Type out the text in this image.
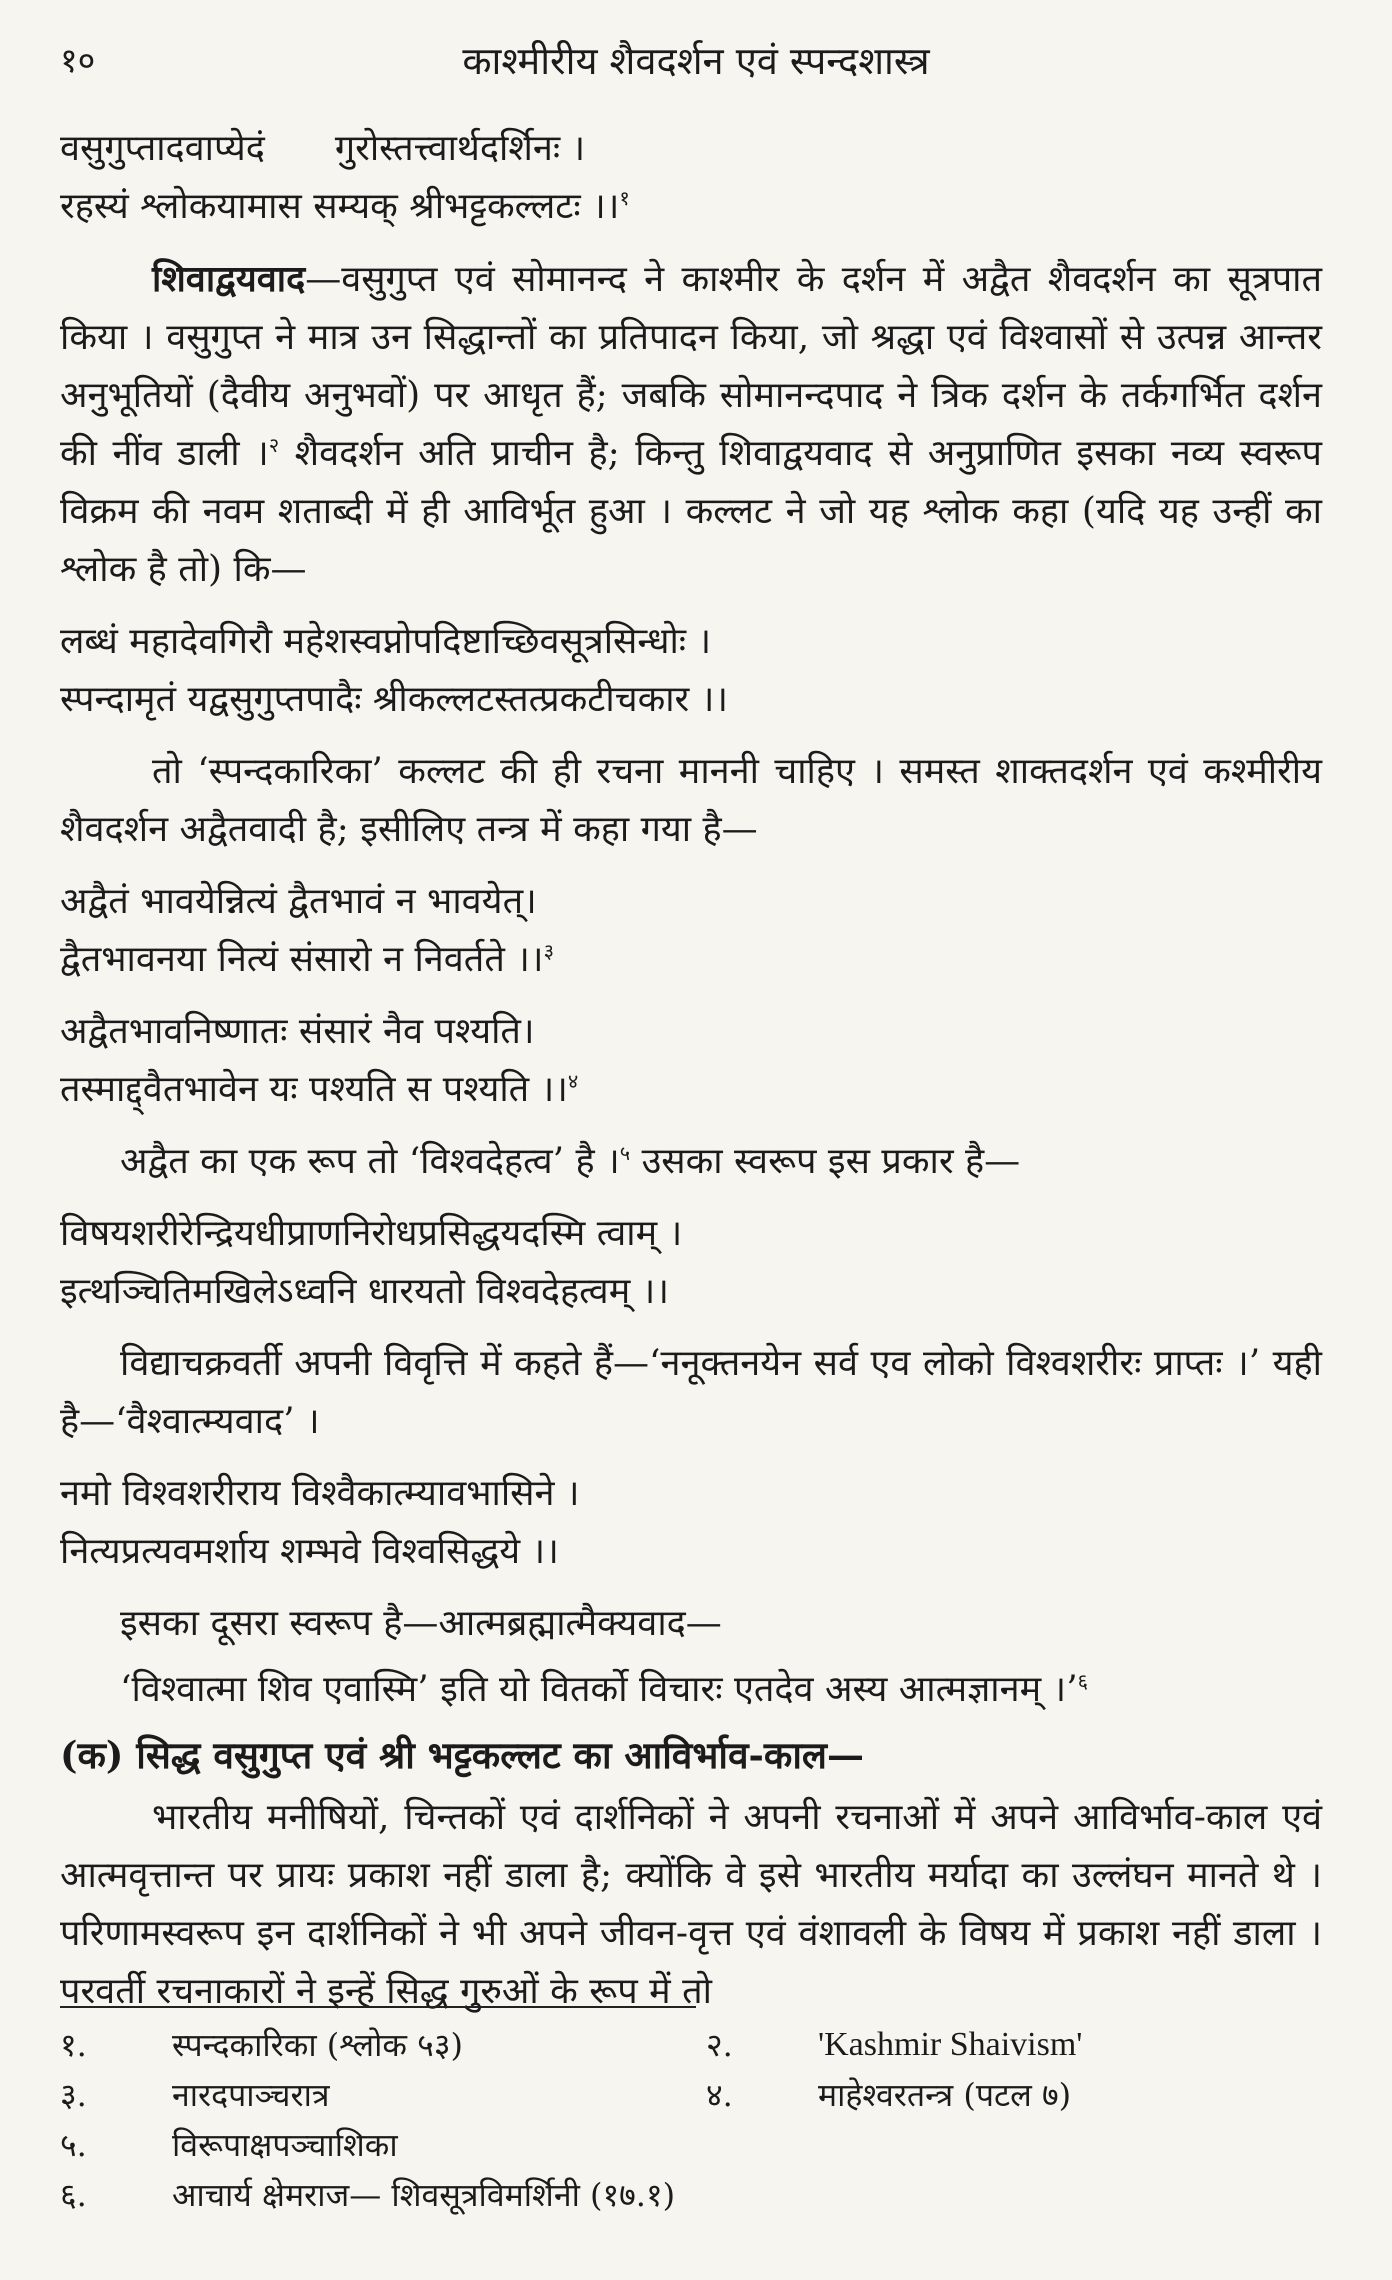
१०	काश्मीरीय शैवदर्शन एवं स्पन्दशास्त्र
वसुगुप्तादवाप्येदं गुरोस्तत्त्वार्थदर्शिनः ।
रहस्यं श्लोकयामास सम्यक् श्रीभट्टकल्लटः ।।$^१$

शिवाद्वयवाद—वसुगुप्त एवं सोमानन्द ने काश्मीर के दर्शन में अद्वैत शैवदर्शन का सूत्रपात किया । वसुगुप्त ने मात्र उन सिद्धान्तों का प्रतिपादन किया, जो श्रद्धा एवं विश्वासों से उत्पन्न आन्तर अनुभूतियों (दैवीय अनुभवों) पर आधृत हैं; जबकि सोमानन्दपाद ने त्रिक दर्शन के तर्कगर्भित दर्शन की नींव डाली ।$^२$ शैवदर्शन अति प्राचीन है; किन्तु शिवाद्वयवाद से अनुप्राणित इसका नव्य स्वरूप विक्रम की नवम शताब्दी में ही आविर्भूत हुआ । कल्लट ने जो यह श्लोक कहा (यदि यह उन्हीं का श्लोक है तो) कि—

लब्धं महादेवगिरौ महेशस्वप्नोपदिष्टाच्छिवसूत्रसिन्धोः ।
स्पन्दामृतं यद्वसुगुप्तपादैः श्रीकल्लटस्तत्प्रकटीचकार ।।

तो ‘स्पन्दकारिका’ कल्लट की ही रचना माननी चाहिए । समस्त शाक्तदर्शन एवं कश्मीरीय शैवदर्शन अद्वैतवादी है; इसीलिए तन्त्र में कहा गया है—

अद्वैतं भावयेन्नित्यं द्वैतभावं न भावयेत्।
द्वैतभावनया नित्यं संसारो न निवर्तते ।।$^३$
अद्वैतभावनिष्णातः संसारं नैव पश्यति।
तस्माद्द्वैतभावेन यः पश्यति स पश्यति ।।$^४$

अद्वैत का एक रूप तो ‘विश्वदेहत्व’ है ।$^५$ उसका स्वरूप इस प्रकार है—

विषयशरीरेन्द्रियधीप्राणनिरोधप्रसिद्धयदस्मि त्वाम् ।
इत्थञ्चितिमखिलेऽध्वनि धारयतो विश्वदेहत्वम् ।।

विद्याचक्रवर्ती अपनी विवृत्ति में कहते हैं—‘ननूक्तनयेन सर्व एव लोको विश्वशरीरः प्राप्तः ।’ यही है—‘वैश्वात्म्यवाद’ ।

नमो विश्वशरीराय विश्वैकात्म्यावभासिने ।
नित्यप्रत्यवमर्शाय शम्भवे विश्वसिद्धये ।।

इसका दूसरा स्वरूप है—आत्मब्रह्मात्मैक्यवाद—

‘विश्वात्मा शिव एवास्मि’ इति यो वितर्को विचारः एतदेव अस्य आत्मज्ञानम् ।’$^६$

(क) सिद्ध वसुगुप्त एवं श्री भट्टकल्लट का आविर्भाव-काल—

भारतीय मनीषियों, चिन्तकों एवं दार्शनिकों ने अपनी रचनाओं में अपने आविर्भाव-काल एवं आत्मवृत्तान्त पर प्रायः प्रकाश नहीं डाला है; क्योंकि वे इसे भारतीय मर्यादा का उल्लंघन मानते थे । परिणामस्वरूप इन दार्शनिकों ने भी अपने जीवन-वृत्त एवं वंशावली के विषय में प्रकाश नहीं डाला । परवर्ती रचनाकारों ने इन्हें सिद्ध गुरुओं के रूप में तो

१.	स्पन्दकारिका (श्लोक ५३)	२.	'Kashmir Shaivism'
३.	नारदपाञ्चरात्र	४.	माहेश्वरतन्त्र (पटल ७)
५.	विरूपाक्षपञ्चाशिका
६.	आचार्य क्षेमराज— शिवसूत्रविमर्शिनी (१७.१)
